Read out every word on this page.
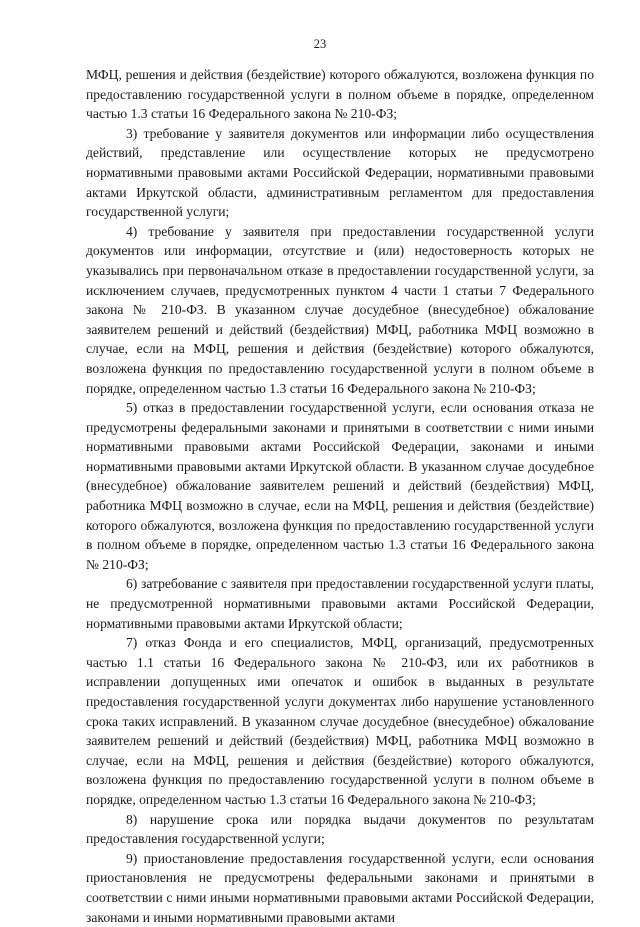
23

МФЦ, решения и действия (бездействие) которого обжалуются, возложена функция по предоставлению государственной услуги в полном объеме в порядке, определенном частью 1.3 статьи 16 Федерального закона № 210-ФЗ;

3) требование у заявителя документов или информации либо осуществления действий, представление или осуществление которых не предусмотрено нормативными правовыми актами Российской Федерации, нормативными правовыми актами Иркутской области, административным регламентом для предоставления государственной услуги;

4) требование у заявителя при предоставлении государственной услуги документов или информации, отсутствие и (или) недостоверность которых не указывались при первоначальном отказе в предоставлении государственной услуги, за исключением случаев, предусмотренных пунктом 4 части 1 статьи 7 Федерального закона № 210-ФЗ. В указанном случае досудебное (внесудебное) обжалование заявителем решений и действий (бездействия) МФЦ, работника МФЦ возможно в случае, если на МФЦ, решения и действия (бездействие) которого обжалуются, возложена функция по предоставлению государственной услуги в полном объеме в порядке, определенном частью 1.3 статьи 16 Федерального закона № 210-ФЗ;

5) отказ в предоставлении государственной услуги, если основания отказа не предусмотрены федеральными законами и принятыми в соответствии с ними иными нормативными правовыми актами Российской Федерации, законами и иными нормативными правовыми актами Иркутской области. В указанном случае досудебное (внесудебное) обжалование заявителем решений и действий (бездействия) МФЦ, работника МФЦ возможно в случае, если на МФЦ, решения и действия (бездействие) которого обжалуются, возложена функция по предоставлению государственной услуги в полном объеме в порядке, определенном частью 1.3 статьи 16 Федерального закона № 210-ФЗ;

6) затребование с заявителя при предоставлении государственной услуги платы, не предусмотренной нормативными правовыми актами Российской Федерации, нормативными правовыми актами Иркутской области;

7) отказ Фонда и его специалистов, МФЦ, организаций, предусмотренных частью 1.1 статьи 16 Федерального закона № 210-ФЗ, или их работников в исправлении допущенных ими опечаток и ошибок в выданных в результате предоставления государственной услуги документах либо нарушение установленного срока таких исправлений. В указанном случае досудебное (внесудебное) обжалование заявителем решений и действий (бездействия) МФЦ, работника МФЦ возможно в случае, если на МФЦ, решения и действия (бездействие) которого обжалуются, возложена функция по предоставлению государственной услуги в полном объеме в порядке, определенном частью 1.3 статьи 16 Федерального закона № 210-ФЗ;

8) нарушение срока или порядка выдачи документов по результатам предоставления государственной услуги;

9) приостановление предоставления государственной услуги, если основания приостановления не предусмотрены федеральными законами и принятыми в соответствии с ними иными нормативными правовыми актами Российской Федерации, законами и иными нормативными правовыми актами
